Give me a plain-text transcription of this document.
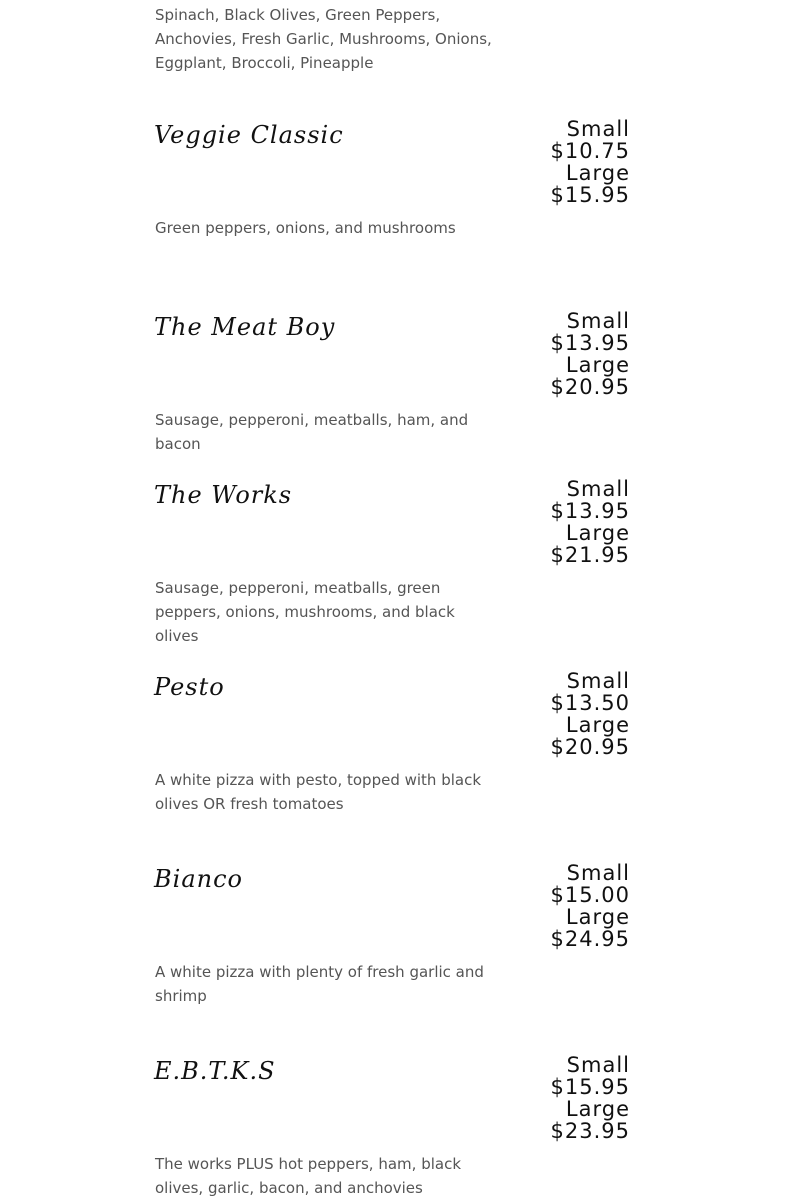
Spinach, Black Olives, Green Peppers, Anchovies, Fresh Garlic, Mushrooms, Onions, Eggplant, Broccoli, Pineapple

Veggie Classic	Small
$10.75
Large
$15.95

Green peppers, onions, and mushrooms

The Meat Boy	Small
$13.95
Large
$20.95

Sausage, pepperoni, meatballs, ham, and bacon

The Works	Small
$13.95
Large
$21.95

Sausage, pepperoni, meatballs, green peppers, onions, mushrooms, and black olives

Pesto	Small
$13.50
Large
$20.95

A white pizza with pesto, topped with black olives OR fresh tomatoes

Bianco	Small
$15.00
Large
$24.95

A white pizza with plenty of fresh garlic and shrimp

E.B.T.K.S	Small
$15.95
Large
$23.95

The works PLUS hot peppers, ham, black olives, garlic, bacon, and anchovies
